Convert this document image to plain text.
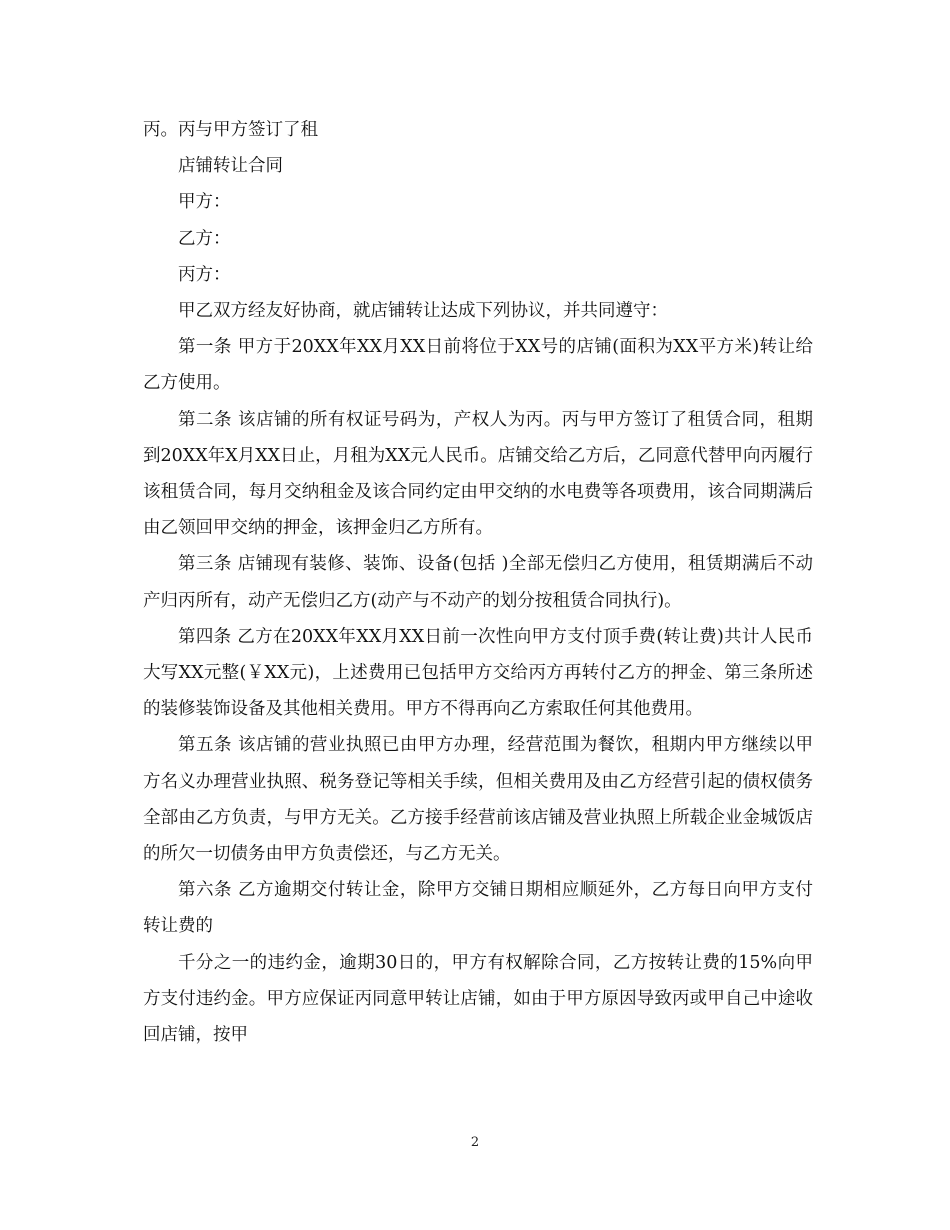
丙。丙与甲方签订了租

店铺转让合同

甲方：

乙方：

丙方：

甲乙双方经友好协商，就店铺转让达成下列协议，并共同遵守：

第一条 甲方于20XX年XX月XX日前将位于XX号的店铺(面积为XX平方米)转让给乙方使用。

第二条 该店铺的所有权证号码为，产权人为丙。丙与甲方签订了租赁合同，租期到20XX年X月XX日止，月租为XX元人民币。店铺交给乙方后，乙同意代替甲向丙履行该租赁合同，每月交纳租金及该合同约定由甲交纳的水电费等各项费用，该合同期满后由乙领回甲交纳的押金，该押金归乙方所有。

第三条 店铺现有装修、装饰、设备(包括 )全部无偿归乙方使用，租赁期满后不动产归丙所有，动产无偿归乙方(动产与不动产的划分按租赁合同执行)。

第四条 乙方在20XX年XX月XX日前一次性向甲方支付顶手费(转让费)共计人民币大写XX元整(￥XX元)，上述费用已包括甲方交给丙方再转付乙方的押金、第三条所述的装修装饰设备及其他相关费用。甲方不得再向乙方索取任何其他费用。

第五条 该店铺的营业执照已由甲方办理，经营范围为餐饮，租期内甲方继续以甲方名义办理营业执照、税务登记等相关手续，但相关费用及由乙方经营引起的债权债务全部由乙方负责，与甲方无关。乙方接手经营前该店铺及营业执照上所载企业金城饭店的所欠一切债务由甲方负责偿还，与乙方无关。

第六条 乙方逾期交付转让金，除甲方交铺日期相应顺延外，乙方每日向甲方支付转让费的

千分之一的违约金，逾期30日的，甲方有权解除合同，乙方按转让费的15%向甲方支付违约金。甲方应保证丙同意甲转让店铺，如由于甲方原因导致丙或甲自己中途收回店铺，按甲

2
